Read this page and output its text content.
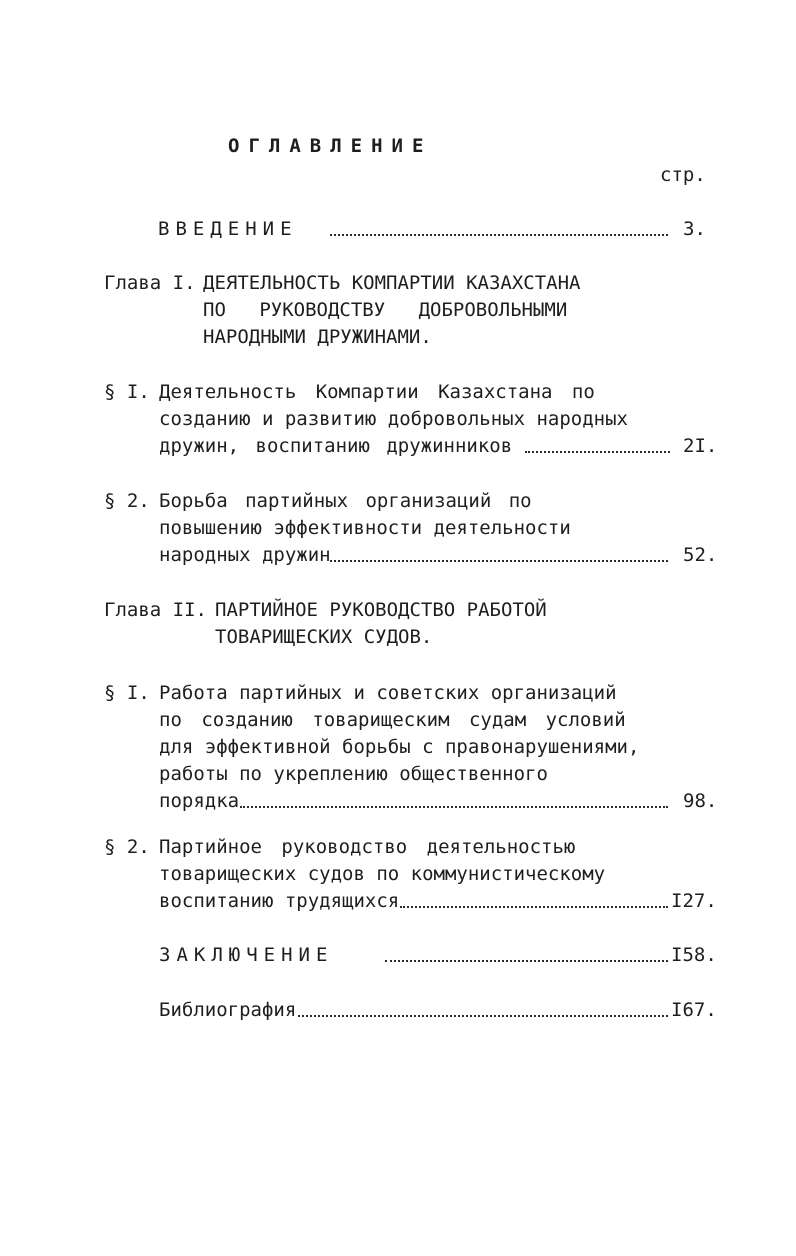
ОГЛАВЛЕНИЕ
стр.
ВВЕДЕНИЕ	3.
Глава I. ДЕЯТЕЛЬНОСТЬ КОМПАРТИИ КАЗАХСТАНА
ПО РУКОВОДСТВУ ДОБРОВОЛЬНЫМИ
НАРОДНЫМИ ДРУЖИНАМИ.
§ I. Деятельность Компартии Казахстана по
созданию и развитию добровольных народных
дружин, воспитанию дружинников	2I.
§ 2. Борьба партийных организаций по
повышению эффективности деятельности
народных дружин	52.
Глава II. ПАРТИЙНОЕ РУКОВОДСТВО РАБОТОЙ
ТОВАРИЩЕСКИХ СУДОВ.
§ I. Работа партийных и советских организаций
по созданию товарищеским судам условий
для эффективной борьбы с правонарушениями,
работы по укреплению общественного
порядка	98.
§ 2. Партийное руководство деятельностью
товарищеских судов по коммунистическому
воспитанию трудящихся	I27.
ЗАКЛЮЧЕНИЕ	I58.
Библиография	I67.
